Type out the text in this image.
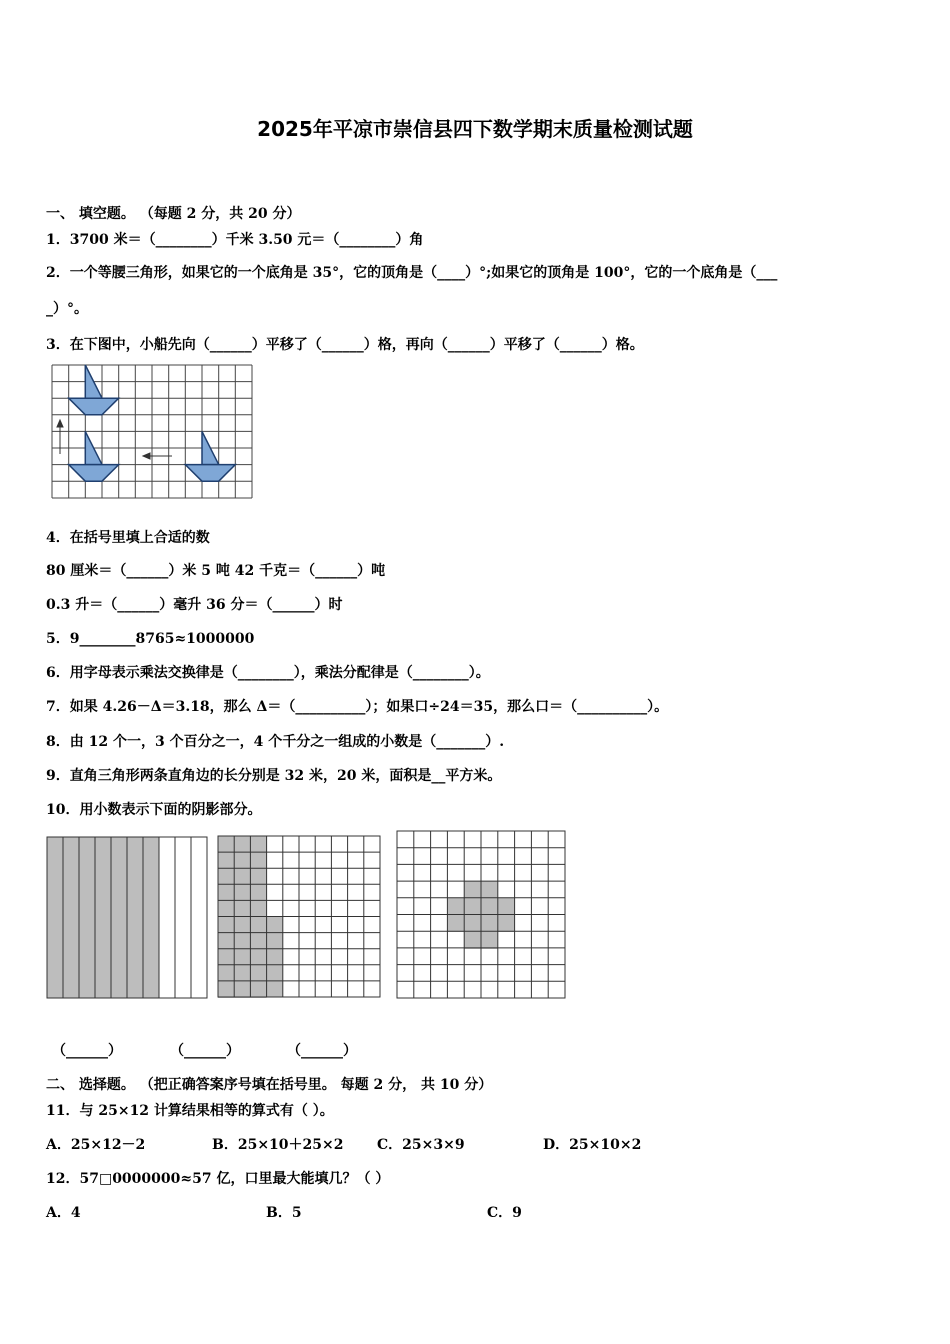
2025年平凉市崇信县四下数学期末质量检测试题
一、 填空题。 （每题 2 分，共 20 分）
1．3700 米＝（________）千米 3.50 元＝（________）角
2．一个等腰三角形，如果它的一个底角是 35°，它的顶角是（____）°;如果它的顶角是 100°，它的一个底角是（___
_）°。
3．在下图中，小船先向（______）平移了（______）格，再向（______）平移了（______）格。
4．在括号里填上合适的数
80 厘米＝（______）米 5 吨 42 千克＝（______）吨
0.3 升＝（______）毫升 36 分＝（______）时
5．9________8765≈1000000
6．用字母表示乘法交换律是（________），乘法分配律是（________）。
7．如果 4.26－Δ＝3.18，那么 Δ＝（__________）；如果口÷24＝35，那么口＝（__________）。
8．由 12 个一，3 个百分之一，4 个千分之一组成的小数是（_______）.
9．直角三角形两条直角边的长分别是 32 米，20 米，面积是__平方米。
10．用小数表示下面的阴影部分。
（______）	（______）	（______）
二、 选择题。 （把正确答案序号填在括号里。 每题 2 分， 共 10 分）
11．与 25×12 计算结果相等的算式有（ ）。
A．25×12－2	B．25×10＋25×2 C．25×3×9	D．25×10×2
12．57□0000000≈57 亿，口里最大能填几？（ ）
A．4	B．5	C．9
